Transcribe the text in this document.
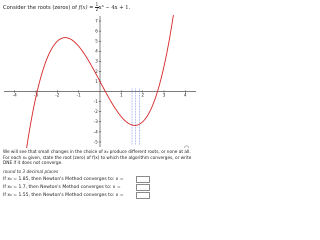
Consider the roots (zeros) of $f(x) = \frac{1}{2} x^3 - 4x + 1$.
-4	-3	-2	-1	1	2	3	4
7
6
5
4
3
2
1
-1
-2
-3
-4
-5

We will see that small changes in the choice of x₀ produce different roots, or none at all. For each x₀ given, state the root (zero) of f(x) to which the algorithm converges, or write DNE if it does not converge.

round to 3 decimal places
If x₀ = 1.85, then Newton's Method converges to: x =
If x₀ = 1.7, then Newton's Method converges to: x =
If x₀ = 1.55, then Newton's Method converges to: x =
